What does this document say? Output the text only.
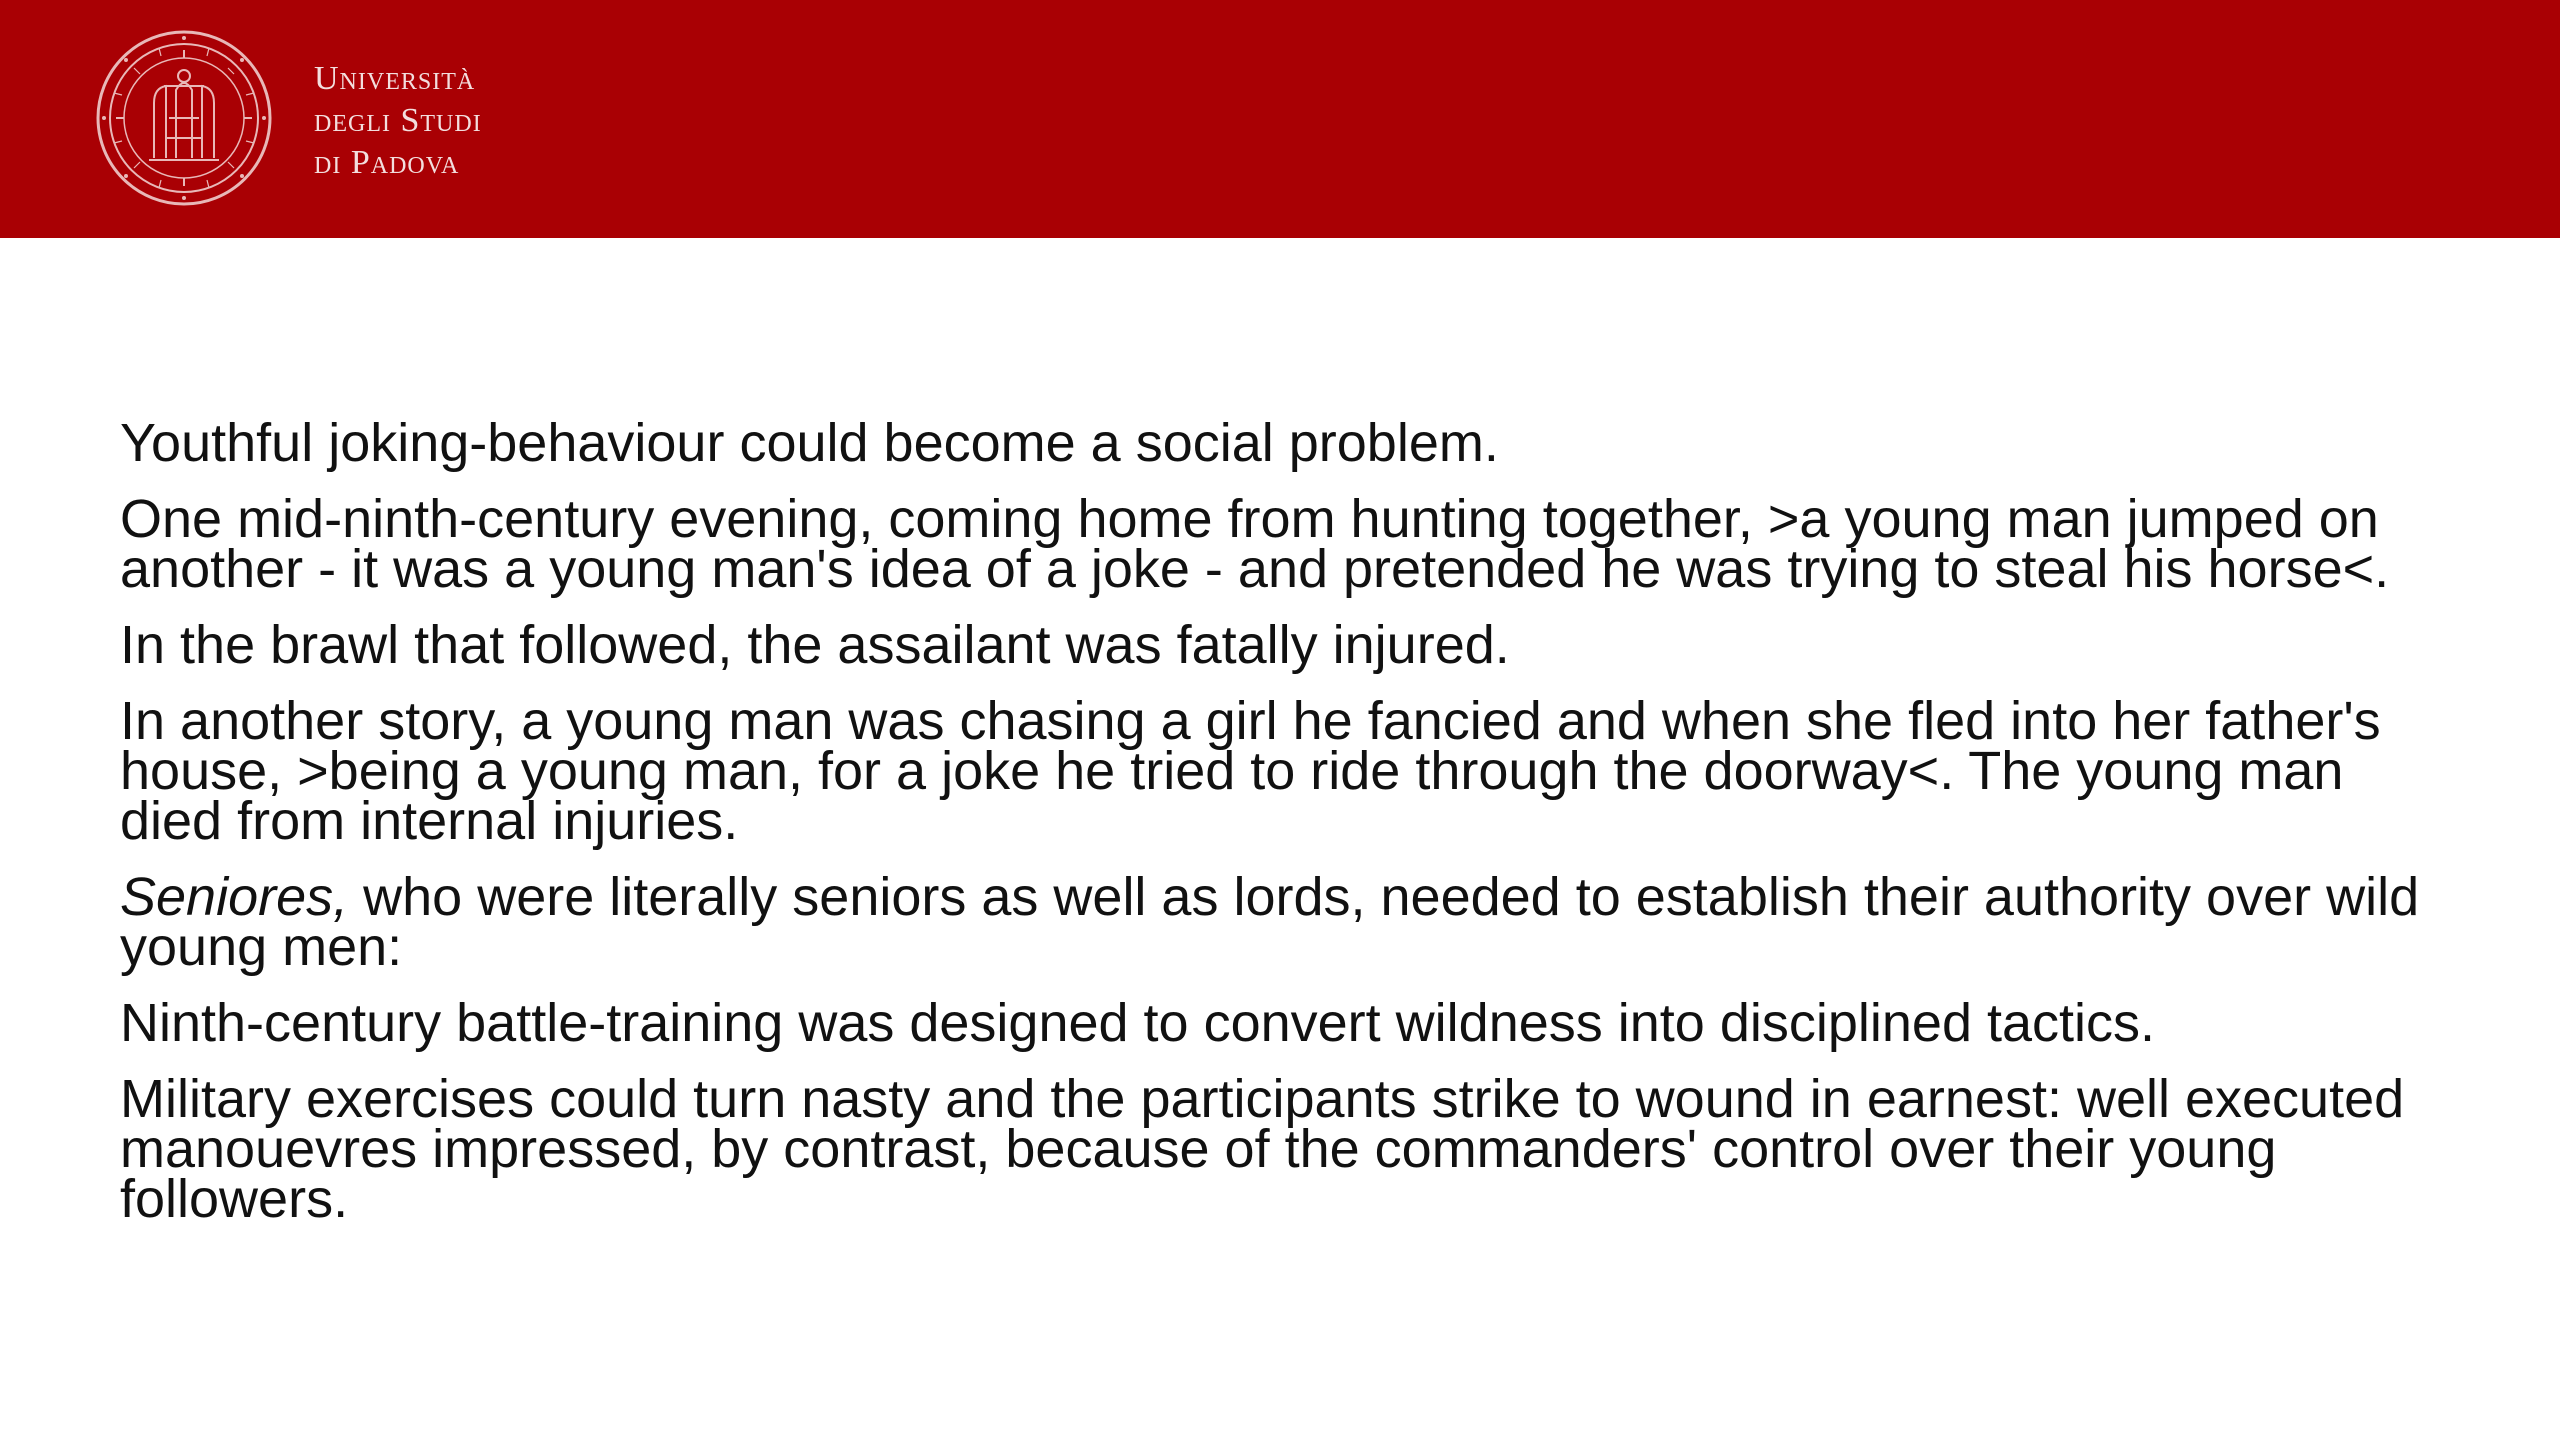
Università
degli Studi
di Padova

Youthful joking-behaviour could become a social problem.

One mid-ninth-century evening, coming home from hunting together, >a young man jumped on another - it was a young man's idea of a joke - and pretended he was trying to steal his horse<.

In the brawl that followed, the assailant was fatally injured.

In another story, a young man was chasing a girl he fancied and when she fled into her father's house, >being a young man, for a joke he tried to ride through the doorway<. The young man died from internal injuries.

Seniores, who were literally seniors as well as lords, needed to establish their authority over wild young men:

Ninth-century battle-training was designed to convert wildness into disciplined tactics.

Military exercises could turn nasty and the participants strike to wound in earnest: well executed manouevres impressed, by contrast, because of the commanders' control over their young followers.
